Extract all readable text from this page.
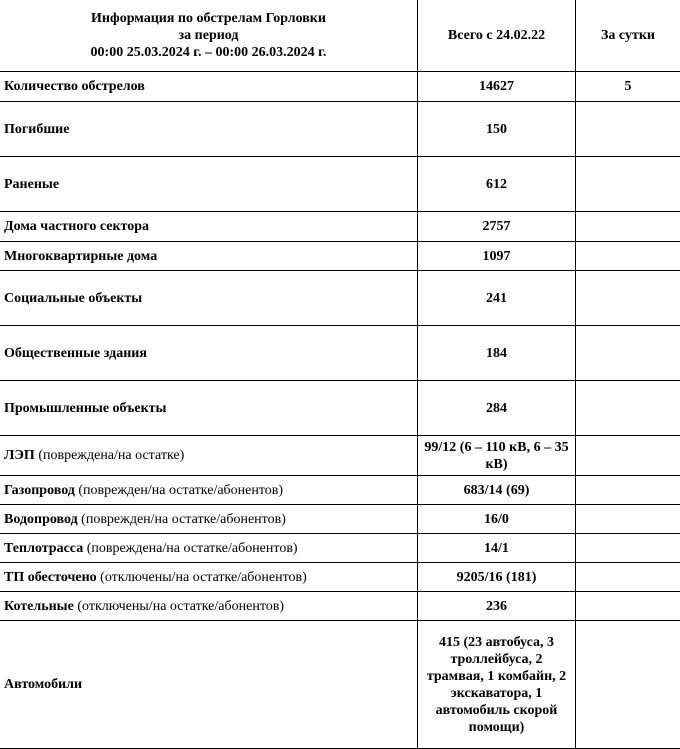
Информация по обстрелам Горловки
за период
00:00 25.03.2024 г. – 00:00 26.03.2024 г.	Всего с 24.02.22	За сутки
Количество обстрелов	14627	5
Погибшие	150	
Раненые	612	
Дома частного сектора	2757	
Многоквартирные дома	1097	
Социальные объекты	241	
Общественные здания	184	
Промышленные объекты	284	
ЛЭП (повреждена/на остатке)	99/12 (6 – 110 кВ, 6 – 35 кВ)	
Газопровод (поврежден/на остатке/абонентов)	683/14 (69)	
Водопровод (поврежден/на остатке/абонентов)	16/0	
Теплотрасса (повреждена/на остатке/абонентов)	14/1	
ТП обесточено (отключены/на остатке/абонентов)	9205/16 (181)	
Котельные (отключены/на остатке/абонентов)	236	
Автомобили	415 (23 автобуса, 3 троллейбуса, 2 трамвая, 1 комбайн, 2 экскаватора, 1 автомобиль скорой помощи)	
